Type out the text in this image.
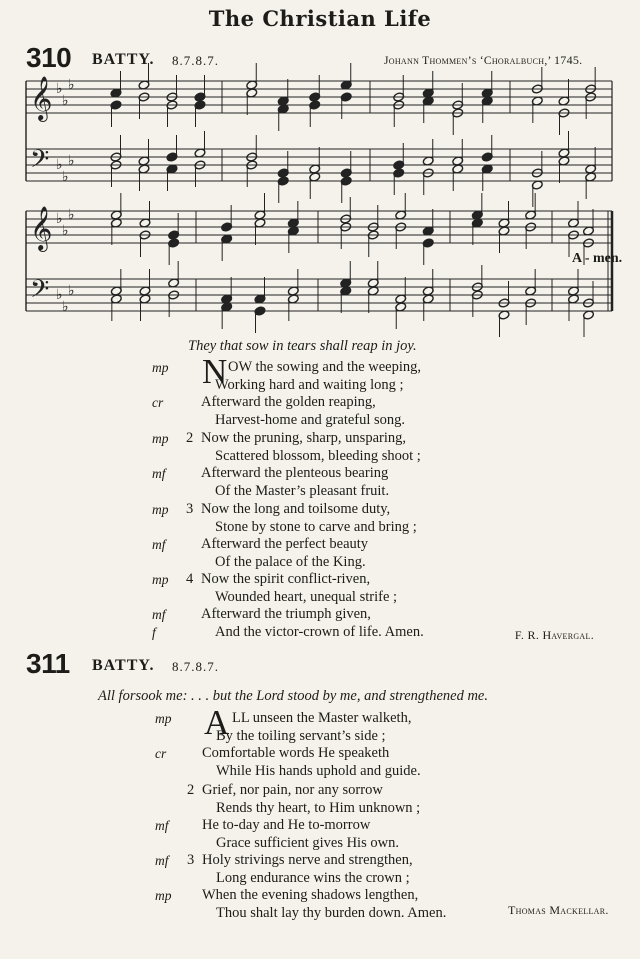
The Christian Life
310 BATTY. 8.7.8.7.	Johann Thommen’s ‘Choralbuch,’ 1745.
𝄞
𝄢
♭
♭
♭
♭
♭
♭
𝄞
𝄢
♭
♭
♭
♭
♭
♭
A - men.
They that sow in tears shall reap in joy.
mp N OW the sowing and the weeping,
Working hard and waiting long ;
cr	Afterward the golden reaping,
Harvest-home and grateful song.
mp 2 Now the pruning, sharp, unsparing,
Scattered blossom, bleeding shoot ;
mf Afterward the plenteous bearing
Of the Master’s pleasant fruit.
mp 3 Now the long and toilsome duty,
Stone by stone to carve and bring ;
mf Afterward the perfect beauty
Of the palace of the King.
mp 4 Now the spirit conflict-riven,
Wounded heart, unequal strife ;
mf Afterward the triumph given,
f	And the victor-crown of life. Amen.	F. R. Havergal.
311 BATTY. 8.7.8.7.
All forsook me: . . . but the Lord stood by me, and strengthened me.
mp A LL unseen the Master walketh,
By the toiling servant’s side ;
cr Comfortable words He speaketh
While His hands uphold and guide.
2 Grief, nor pain, nor any sorrow
Rends thy heart, to Him unknown ;
mf He to-day and He to-morrow
Grace sufficient gives His own.
mf 3 Holy strivings nerve and strengthen,
Long endurance wins the crown ;
mp When the evening shadows lengthen,
Thou shalt lay thy burden down. Amen.	Thomas Mackellar.
